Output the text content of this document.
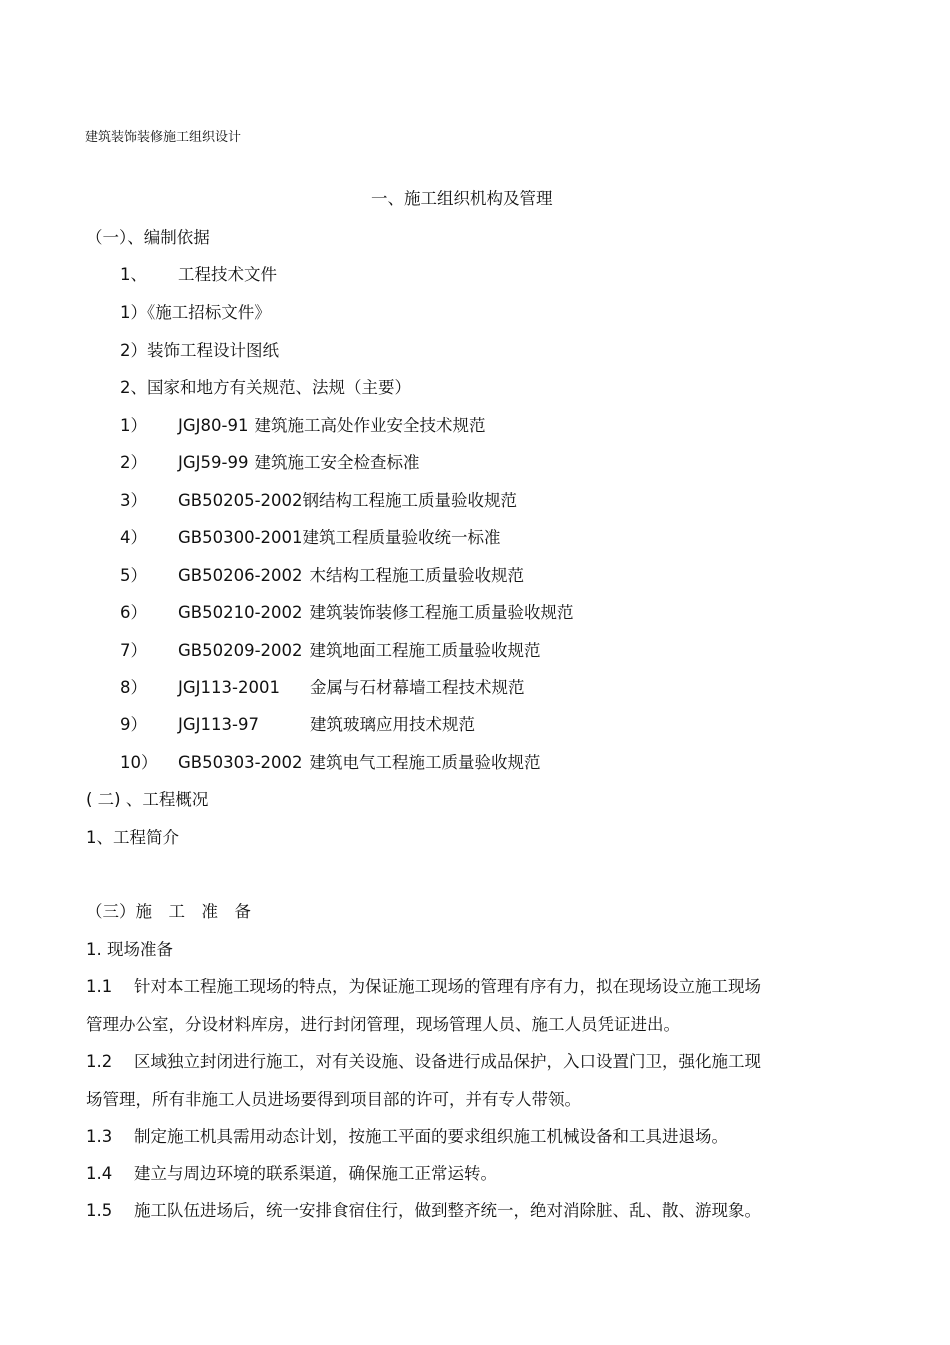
建筑装饰装修施工组织设计
一、施工组织机构及管理
（一）、编制依据
1、 工程技术文件
1）《施工招标文件》
2）装饰工程设计图纸
2、国家和地方有关规范、法规（主要）
1） JGJ80-91 建筑施工高处作业安全技术规范
2） JGJ59-99 建筑施工安全检查标准
3） GB50205-2002钢结构工程施工质量验收规范
4） GB50300-2001建筑工程质量验收统一标准
5） GB50206-2002 木结构工程施工质量验收规范
6） GB50210-2002 建筑装饰装修工程施工质量验收规范
7） GB50209-2002 建筑地面工程施工质量验收规范
8） JGJ113-2001 金属与石材幕墙工程技术规范
9） JGJ113-97	建筑玻璃应用技术规范
10） GB50303-2002 建筑电气工程施工质量验收规范
( 二) 、工程概况
1、工程简介
（三）施　工　准　备
1. 现场准备
1.1 针对本工程施工现场的特点，为保证施工现场的管理有序有力，拟在现场设立施工现场
管理办公室，分设材料库房，进行封闭管理，现场管理人员、施工人员凭证进出。
1.2 区域独立封闭进行施工，对有关设施、设备进行成品保护，入口设置门卫，强化施工现
场管理，所有非施工人员进场要得到项目部的许可，并有专人带领。
1.3 制定施工机具需用动态计划，按施工平面的要求组织施工机械设备和工具进退场。
1.4 建立与周边环境的联系渠道，确保施工正常运转。
1.5 施工队伍进场后，统一安排食宿住行，做到整齐统一，绝对消除脏、乱、散、游现象。
